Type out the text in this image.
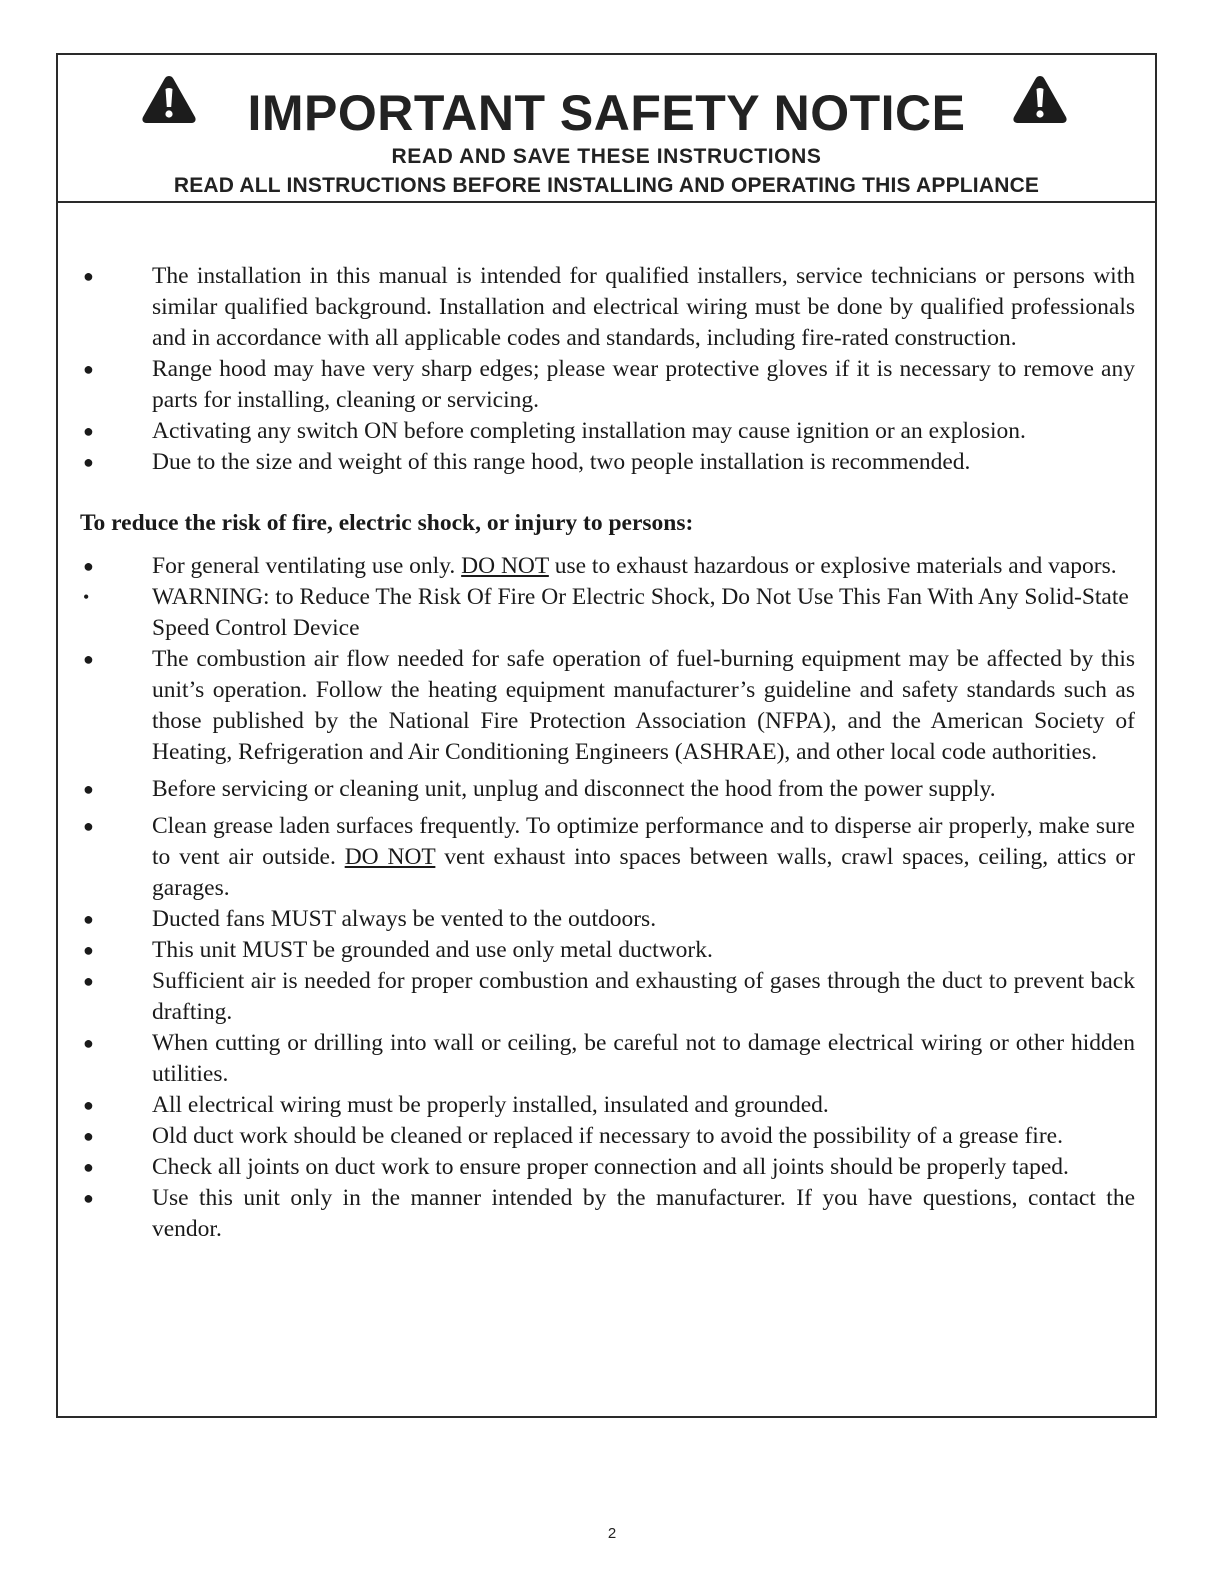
IMPORTANT SAFETY NOTICE
READ AND SAVE THESE INSTRUCTIONS
READ ALL INSTRUCTIONS BEFORE INSTALLING AND OPERATING THIS APPLIANCE
● The installation in this manual is intended for qualified installers, service technicians or persons with similar qualified background. Installation and electrical wiring must be done by qualified professionals and in accordance with all applicable codes and standards, including fire-rated construction.
● Range hood may have very sharp edges; please wear protective gloves if it is necessary to remove any parts for installing, cleaning or servicing.
● Activating any switch ON before completing installation may cause ignition or an explosion.
● Due to the size and weight of this range hood, two people installation is recommended.
To reduce the risk of fire, electric shock, or injury to persons:
● For general ventilating use only. DO NOT use to exhaust hazardous or explosive materials and vapors.
•	WARNING: to Reduce The Risk Of Fire Or Electric Shock, Do Not Use This Fan With Any Solid-State Speed Control Device
● The combustion air flow needed for safe operation of fuel-burning equipment may be affected by this unit’s operation. Follow the heating equipment manufacturer’s guideline and safety standards such as those published by the National Fire Protection Association (NFPA), and the American Society of Heating, Refrigeration and Air Conditioning Engineers (ASHRAE), and other local code authorities.
● Before servicing or cleaning unit, unplug and disconnect the hood from the power supply.
● Clean grease laden surfaces frequently. To optimize performance and to disperse air properly, make sure to vent air outside. DO NOT vent exhaust into spaces between walls, crawl spaces, ceiling, attics or garages.
● Ducted fans MUST always be vented to the outdoors.
● This unit MUST be grounded and use only metal ductwork.
● Sufficient air is needed for proper combustion and exhausting of gases through the duct to prevent back drafting.
● When cutting or drilling into wall or ceiling, be careful not to damage electrical wiring or other hidden utilities.
● All electrical wiring must be properly installed, insulated and grounded.
● Old duct work should be cleaned or replaced if necessary to avoid the possibility of a grease fire.
● Check all joints on duct work to ensure proper connection and all joints should be properly taped.
● Use this unit only in the manner intended by the manufacturer. If you have questions, contact the vendor.
2
